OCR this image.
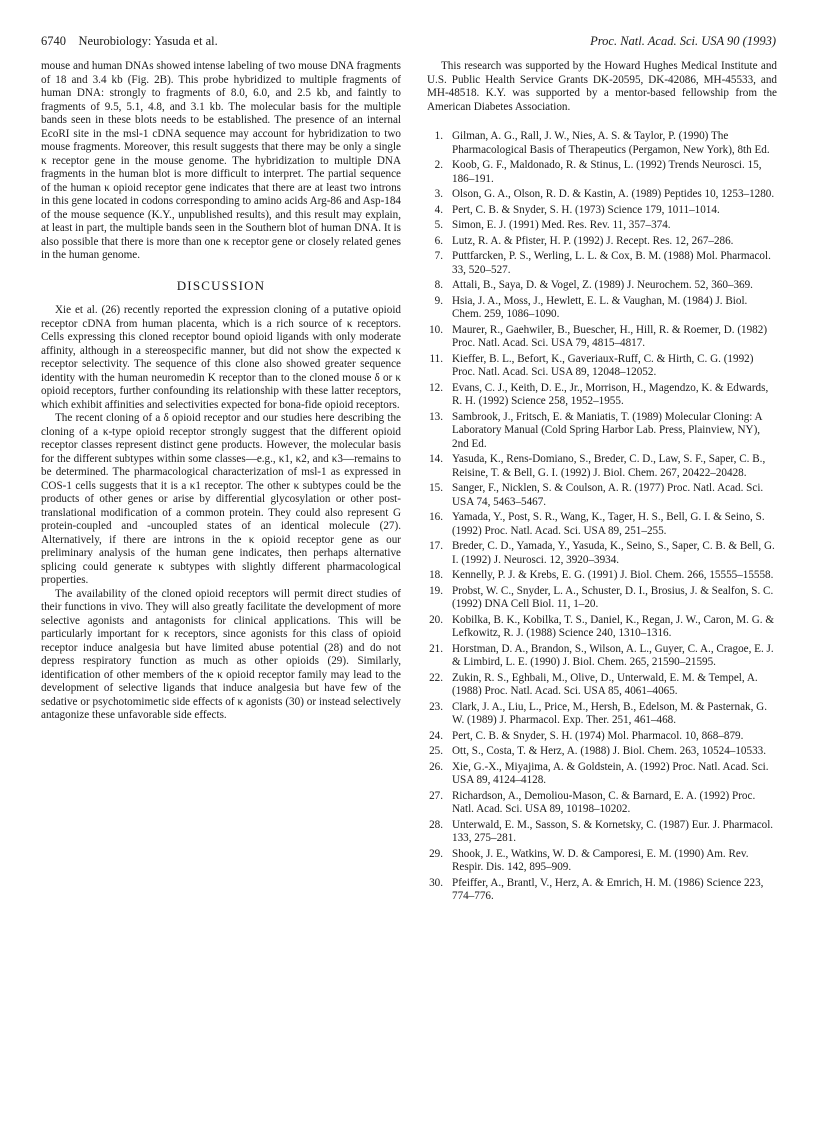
6740    Neurobiology: Yasuda et al.	Proc. Natl. Acad. Sci. USA 90 (1993)

mouse and human DNAs showed intense labeling of two mouse DNA fragments of 18 and 3.4 kb (Fig. 2B). This probe hybridized to multiple fragments of human DNA: strongly to fragments of 8.0, 6.0, and 2.5 kb, and faintly to fragments of 9.5, 5.1, 4.8, and 3.1 kb. The molecular basis for the multiple bands seen in these blots needs to be established. The presence of an internal EcoRI site in the msl-1 cDNA sequence may account for hybridization to two mouse fragments. Moreover, this result suggests that there may be only a single κ receptor gene in the mouse genome. The hybridization to multiple DNA fragments in the human blot is more difficult to interpret. The partial sequence of the human κ opioid receptor gene indicates that there are at least two introns in this gene located in codons corresponding to amino acids Arg-86 and Asp-184 of the mouse sequence (K.Y., unpublished results), and this result may explain, at least in part, the multiple bands seen in the Southern blot of human DNA. It is also possible that there is more than one κ receptor gene or closely related genes in the human genome.

DISCUSSION

Xie et al. (26) recently reported the expression cloning of a putative opioid receptor cDNA from human placenta, which is a rich source of κ receptors. Cells expressing this cloned receptor bound opioid ligands with only moderate affinity, although in a stereospecific manner, but did not show the expected κ receptor selectivity. The sequence of this clone also showed greater sequence identity with the human neuromedin K receptor than to the cloned mouse δ or κ opioid receptors, further confounding its relationship with these latter receptors, which exhibit affinities and selectivities expected for bona-fide opioid receptors.

The recent cloning of a δ opioid receptor and our studies here describing the cloning of a κ-type opioid receptor strongly suggest that the different opioid receptor classes represent distinct gene products. However, the molecular basis for the different subtypes within some classes—e.g., κ1, κ2, and κ3—remains to be determined. The pharmacological characterization of msl-1 as expressed in COS-1 cells suggests that it is a κ1 receptor. The other κ subtypes could be the products of other genes or arise by differential glycosylation or other post-translational modification of a common protein. They could also represent G protein-coupled and -uncoupled states of an identical molecule (27). Alternatively, if there are introns in the κ opioid receptor gene as our preliminary analysis of the human gene indicates, then perhaps alternative splicing could generate κ subtypes with slightly different pharmacological properties.

The availability of the cloned opioid receptors will permit direct studies of their functions in vivo. They will also greatly facilitate the development of more selective agonists and antagonists for clinical applications. This will be particularly important for κ receptors, since agonists for this class of opioid receptor induce analgesia but have limited abuse potential (28) and do not depress respiratory function as much as other opioids (29). Similarly, identification of other members of the κ opioid receptor family may lead to the development of selective ligands that induce analgesia but have few of the sedative or psychotomimetic side effects of κ agonists (30) or instead selectively antagonize these unfavorable side effects.

This research was supported by the Howard Hughes Medical Institute and U.S. Public Health Service Grants DK-20595, DK-42086, MH-45533, and MH-48518. K.Y. was supported by a mentor-based fellowship from the American Diabetes Association.

1. Gilman, A. G., Rall, J. W., Nies, A. S. & Taylor, P. (1990) The Pharmacological Basis of Therapeutics (Pergamon, New York), 8th Ed.
2. Koob, G. F., Maldonado, R. & Stinus, L. (1992) Trends Neurosci. 15, 186–191.
3. Olson, G. A., Olson, R. D. & Kastin, A. (1989) Peptides 10, 1253–1280.
4. Pert, C. B. & Snyder, S. H. (1973) Science 179, 1011–1014.
5. Simon, E. J. (1991) Med. Res. Rev. 11, 357–374.
6. Lutz, R. A. & Pfister, H. P. (1992) J. Recept. Res. 12, 267–286.
7. Puttfarcken, P. S., Werling, L. L. & Cox, B. M. (1988) Mol. Pharmacol. 33, 520–527.
8. Attali, B., Saya, D. & Vogel, Z. (1989) J. Neurochem. 52, 360–369.
9. Hsia, J. A., Moss, J., Hewlett, E. L. & Vaughan, M. (1984) J. Biol. Chem. 259, 1086–1090.
10. Maurer, R., Gaehwiler, B., Buescher, H., Hill, R. & Roemer, D. (1982) Proc. Natl. Acad. Sci. USA 79, 4815–4817.
11. Kieffer, B. L., Befort, K., Gaveriaux-Ruff, C. & Hirth, C. G. (1992) Proc. Natl. Acad. Sci. USA 89, 12048–12052.
12. Evans, C. J., Keith, D. E., Jr., Morrison, H., Magendzo, K. & Edwards, R. H. (1992) Science 258, 1952–1955.
13. Sambrook, J., Fritsch, E. & Maniatis, T. (1989) Molecular Cloning: A Laboratory Manual (Cold Spring Harbor Lab. Press, Plainview, NY), 2nd Ed.
14. Yasuda, K., Rens-Domiano, S., Breder, C. D., Law, S. F., Saper, C. B., Reisine, T. & Bell, G. I. (1992) J. Biol. Chem. 267, 20422–20428.
15. Sanger, F., Nicklen, S. & Coulson, A. R. (1977) Proc. Natl. Acad. Sci. USA 74, 5463–5467.
16. Yamada, Y., Post, S. R., Wang, K., Tager, H. S., Bell, G. I. & Seino, S. (1992) Proc. Natl. Acad. Sci. USA 89, 251–255.
17. Breder, C. D., Yamada, Y., Yasuda, K., Seino, S., Saper, C. B. & Bell, G. I. (1992) J. Neurosci. 12, 3920–3934.
18. Kennelly, P. J. & Krebs, E. G. (1991) J. Biol. Chem. 266, 15555–15558.
19. Probst, W. C., Snyder, L. A., Schuster, D. I., Brosius, J. & Sealfon, S. C. (1992) DNA Cell Biol. 11, 1–20.
20. Kobilka, B. K., Kobilka, T. S., Daniel, K., Regan, J. W., Caron, M. G. & Lefkowitz, R. J. (1988) Science 240, 1310–1316.
21. Horstman, D. A., Brandon, S., Wilson, A. L., Guyer, C. A., Cragoe, E. J. & Limbird, L. E. (1990) J. Biol. Chem. 265, 21590–21595.
22. Zukin, R. S., Eghbali, M., Olive, D., Unterwald, E. M. & Tempel, A. (1988) Proc. Natl. Acad. Sci. USA 85, 4061–4065.
23. Clark, J. A., Liu, L., Price, M., Hersh, B., Edelson, M. & Pasternak, G. W. (1989) J. Pharmacol. Exp. Ther. 251, 461–468.
24. Pert, C. B. & Snyder, S. H. (1974) Mol. Pharmacol. 10, 868–879.
25. Ott, S., Costa, T. & Herz, A. (1988) J. Biol. Chem. 263, 10524–10533.
26. Xie, G.-X., Miyajima, A. & Goldstein, A. (1992) Proc. Natl. Acad. Sci. USA 89, 4124–4128.
27. Richardson, A., Demoliou-Mason, C. & Barnard, E. A. (1992) Proc. Natl. Acad. Sci. USA 89, 10198–10202.
28. Unterwald, E. M., Sasson, S. & Kornetsky, C. (1987) Eur. J. Pharmacol. 133, 275–281.
29. Shook, J. E., Watkins, W. D. & Camporesi, E. M. (1990) Am. Rev. Respir. Dis. 142, 895–909.
30. Pfeiffer, A., Brantl, V., Herz, A. & Emrich, H. M. (1986) Science 223, 774–776.
